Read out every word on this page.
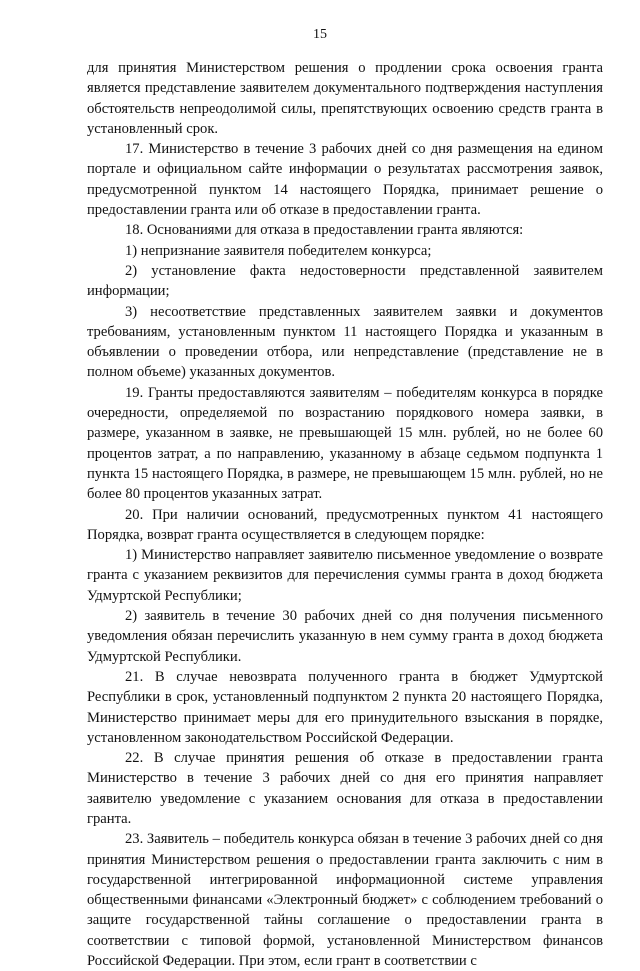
15

для принятия Министерством решения о продлении срока освоения гранта является представление заявителем документального подтверждения наступления обстоятельств непреодолимой силы, препятствующих освоению средств гранта в установленный срок.

17. Министерство в течение 3 рабочих дней со дня размещения на едином портале и официальном сайте информации о результатах рассмотрения заявок, предусмотренной пунктом 14 настоящего Порядка, принимает решение о предоставлении гранта или об отказе в предоставлении гранта.

18. Основаниями для отказа в предоставлении гранта являются:

1) непризнание заявителя победителем конкурса;

2) установление факта недостоверности представленной заявителем информации;

3) несоответствие представленных заявителем заявки и документов требованиям, установленным пунктом 11 настоящего Порядка и указанным в объявлении о проведении отбора, или непредставление (представление не в полном объеме) указанных документов.

19. Гранты предоставляются заявителям – победителям конкурса в порядке очередности, определяемой по возрастанию порядкового номера заявки, в размере, указанном в заявке, не превышающей 15 млн. рублей, но не более 60 процентов затрат, а по направлению, указанному в абзаце седьмом подпункта 1 пункта 15 настоящего Порядка, в размере, не превышающем 15 млн. рублей, но не более 80 процентов указанных затрат.

20. При наличии оснований, предусмотренных пунктом 41 настоящего Порядка, возврат гранта осуществляется в следующем порядке:

1) Министерство направляет заявителю письменное уведомление о возврате гранта с указанием реквизитов для перечисления суммы гранта в доход бюджета Удмуртской Республики;

2) заявитель в течение 30 рабочих дней со дня получения письменного уведомления обязан перечислить указанную в нем сумму гранта в доход бюджета Удмуртской Республики.

21. В случае невозврата полученного гранта в бюджет Удмуртской Республики в срок, установленный подпунктом 2 пункта 20 настоящего Порядка, Министерство принимает меры для его принудительного взыскания в порядке, установленном законодательством Российской Федерации.

22. В случае принятия решения об отказе в предоставлении гранта Министерство в течение 3 рабочих дней со дня его принятия направляет заявителю уведомление с указанием основания для отказа в предоставлении гранта.

23. Заявитель – победитель конкурса обязан в течение 3 рабочих дней со дня принятия Министерством решения о предоставлении гранта заключить с ним в государственной интегрированной информационной системе управления общественными финансами «Электронный бюджет» с соблюдением требований о защите государственной тайны соглашение о предоставлении гранта в соответствии с типовой формой, установленной Министерством финансов Российской Федерации. При этом, если грант в соответствии с
